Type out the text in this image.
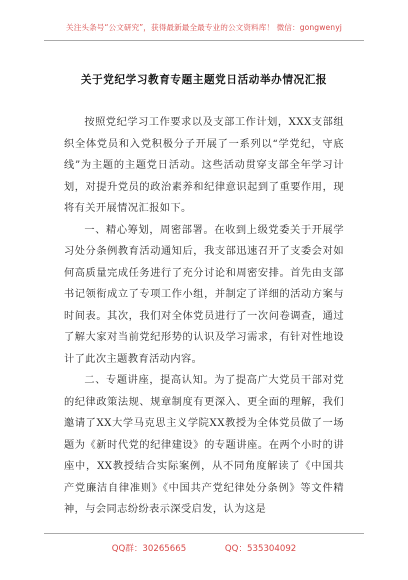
关注头条号“公文研究”，获得最新最全最专业的公文资料库！ 微信：gongwenyj
关于党纪学习教育专题主题党日活动举办情况汇报

按照党纪学习工作要求以及支部工作计划，XXX支部组织全体党员和入党积极分子开展了一系列以“学党纪，守底线”为主题的主题党日活动。这些活动贯穿支部全年学习计划，对提升党员的政治素养和纪律意识起到了重要作用，现将有关开展情况汇报如下。

一、精心筹划，周密部署。在收到上级党委关于开展学习处分条例教育活动通知后，我支部迅速召开了支委会对如何高质量完成任务进行了充分讨论和周密安排。首先由支部书记领衔成立了专项工作小组，并制定了详细的活动方案与时间表。其次，我们对全体党员进行了一次问卷调查，通过了解大家对当前党纪形势的认识及学习需求，有针对性地设计了此次主题教育活动内容。

二、专题讲座，提高认知。为了提高广大党员干部对党的纪律政策法规、规章制度有更深入、更全面的理解，我们邀请了XX大学马克思主义学院XX教授为全体党员做了一场题为《新时代党的纪律建设》的专题讲座。在两个小时的讲座中，XX教授结合实际案例，从不同角度解读了《中国共产党廉洁自律准则》《中国共产党纪律处分条例》等文件精神，与会同志纷纷表示深受启发，认为这是

QQ群：30265665	QQ：535304092
